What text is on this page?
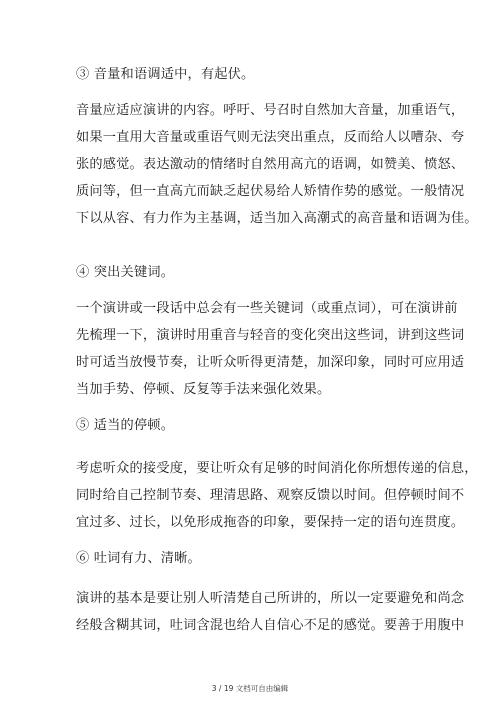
③ 音量和语调适中，有起伏。
音量应适应演讲的内容。呼吁、号召时自然加大音量，加重语气，
如果一直用大音量或重语气则无法突出重点，反而给人以嘈杂、夸
张的感觉。表达激动的情绪时自然用高亢的语调，如赞美、愤怒、
质问等，但一直高亢而缺乏起伏易给人矫情作势的感觉。一般情况
下以从容、有力作为主基调，适当加入高潮式的高音量和语调为佳。
④ 突出关键词。
一个演讲或一段话中总会有一些关键词（或重点词），可在演讲前
先梳理一下，演讲时用重音与轻音的变化突出这些词，讲到这些词
时可适当放慢节奏，让听众听得更清楚，加深印象，同时可应用适
当加手势、停顿、反复等手法来强化效果。
⑤ 适当的停顿。
考虑听众的接受度，要让听众有足够的时间消化你所想传递的信息，
同时给自己控制节奏、理清思路、观察反馈以时间。但停顿时间不
宜过多、过长，以免形成拖沓的印象，要保持一定的语句连贯度。
⑥ 吐词有力、清晰。
演讲的基本是要让别人听清楚自己所讲的，所以一定要避免和尚念
经般含糊其词，吐词含混也给人自信心不足的感觉。要善于用腹中
3 / 19 文档可自由编辑
